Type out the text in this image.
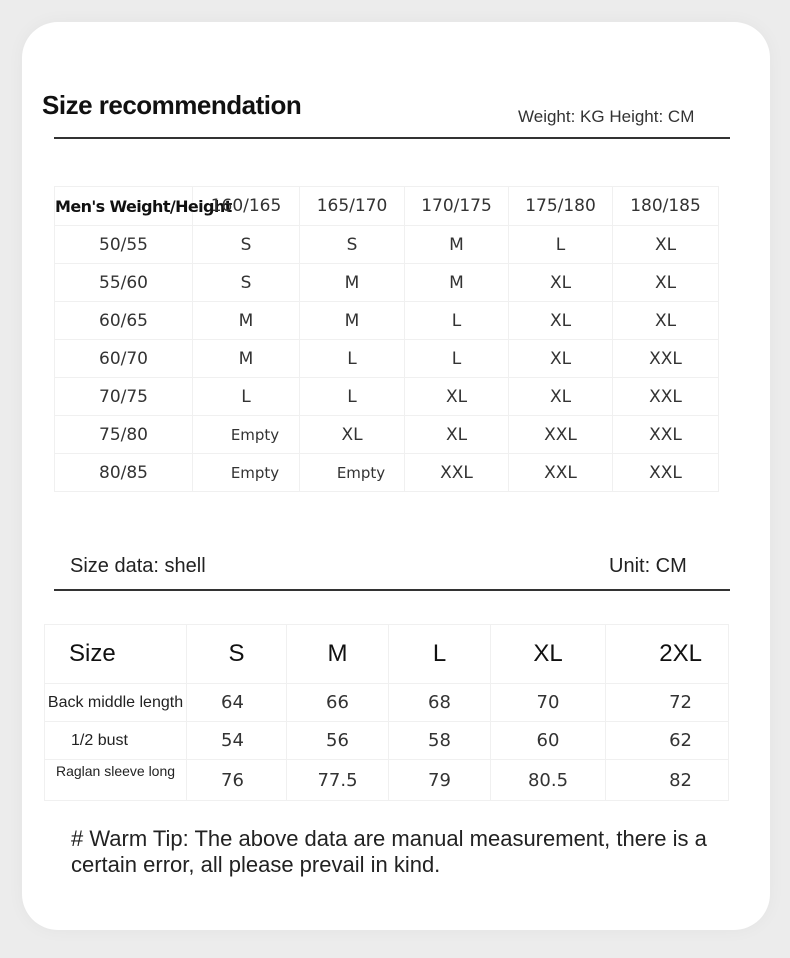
Size recommendation	Weight: KG Height: CM
Men's Weight/Height	160/165	165/170	170/175	175/180	180/185
50/55	S	S	M	L	XL
55/60	S	M	M	XL	XL
60/65	M	M	L	XL	XL
60/70	M	L	L	XL	XXL
70/75	L	L	XL	XL	XXL
75/80	Empty	XL	XL	XXL	XXL
80/85	Empty	Empty	XXL	XXL	XXL
Size data: shell	Unit: CM
Size	S	M	L	XL	2XL
Back middle length	64	66	68	70	72
1/2 bust	54	56	58	60	62
Raglan sleeve long	76	77.5	79	80.5	82
# Warm Tip: The above data are manual measurement, there is a certain error, all please prevail in kind.
